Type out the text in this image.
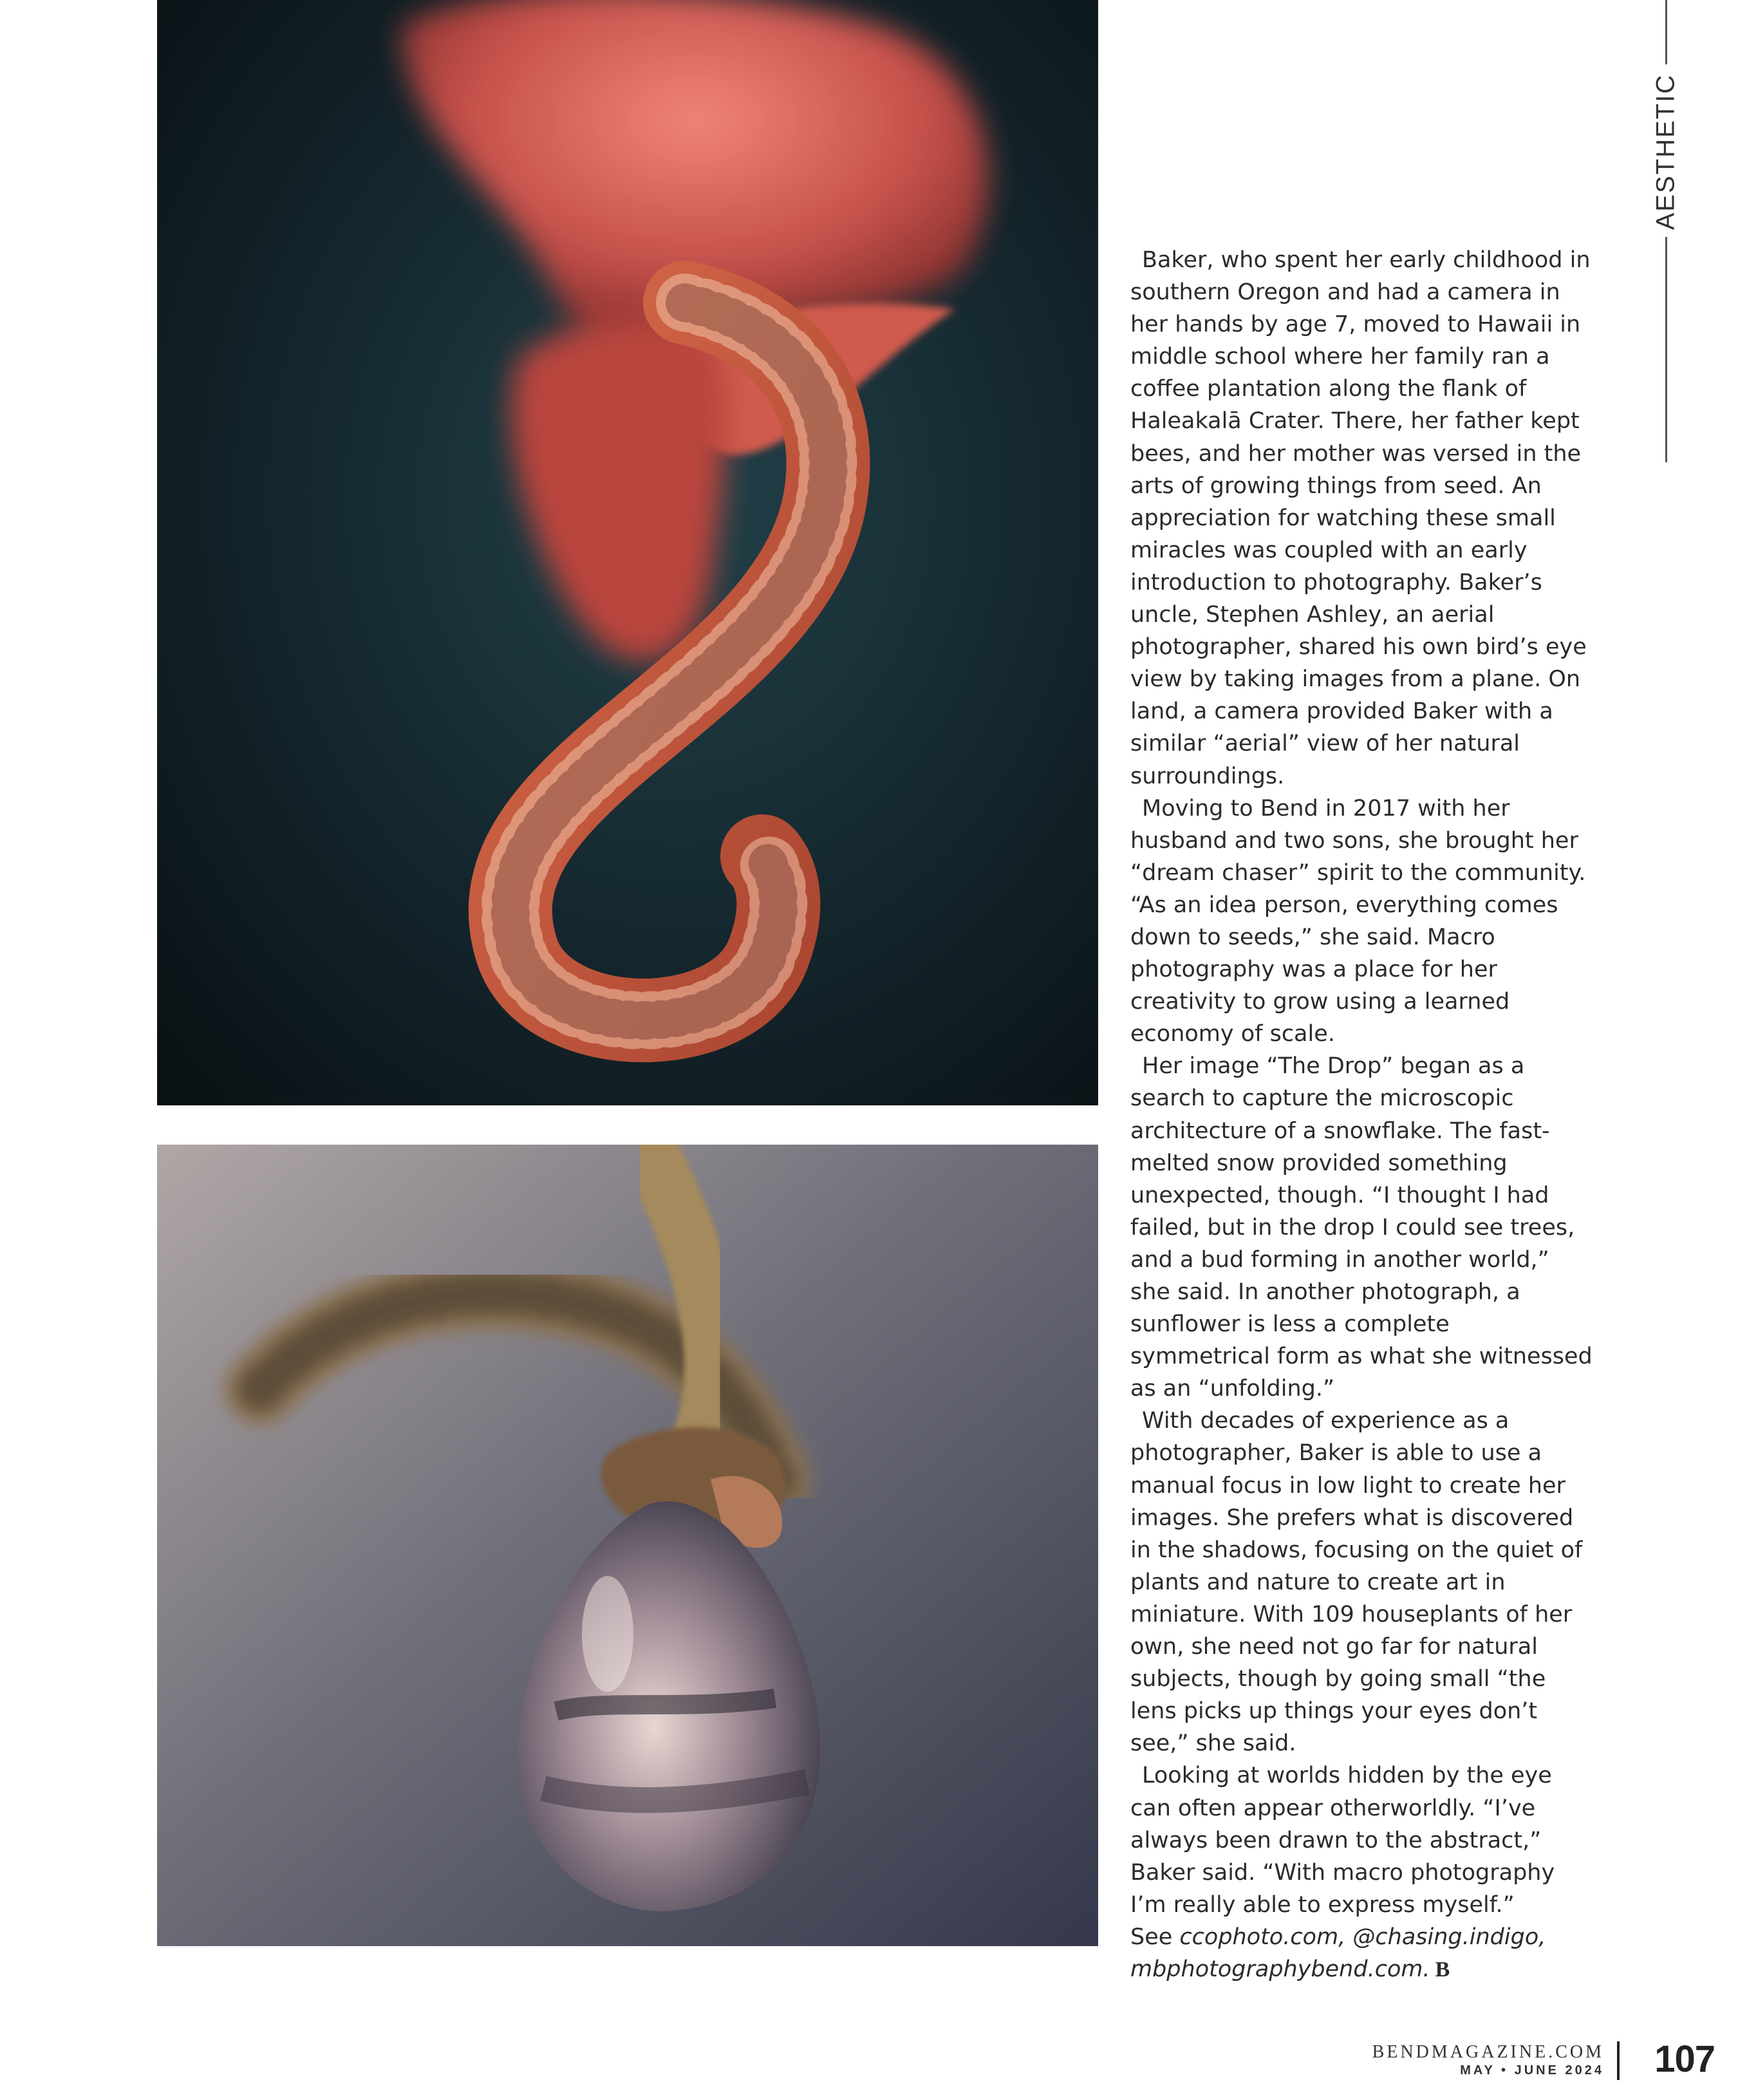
AESTHETIC

Baker, who spent her early childhood in southern Oregon and had a camera in her hands by age 7, moved to Hawaii in middle school where her family ran a coffee plantation along the flank of Haleakalā Crater. There, her father kept bees, and her mother was versed in the arts of growing things from seed. An appreciation for watching these small miracles was coupled with an early introduction to photography. Baker’s uncle, Stephen Ashley, an aerial photographer, shared his own bird’s eye view by taking images from a plane. On land, a camera provided Baker with a similar “aerial” view of her natural surroundings.

Moving to Bend in 2017 with her husband and two sons, she brought her “dream chaser” spirit to the community. “As an idea person, everything comes down to seeds,” she said. Macro photography was a place for her creativity to grow using a learned economy of scale.

Her image “The Drop” began as a search to capture the microscopic architecture of a snowflake. The fast-melted snow provided something unexpected, though. “I thought I had failed, but in the drop I could see trees, and a bud forming in another world,” she said. In another photograph, a sunflower is less a complete symmetrical form as what she witnessed as an “unfolding.”

With decades of experience as a photographer, Baker is able to use a manual focus in low light to create her images. She prefers what is discovered in the shadows, focusing on the quiet of plants and nature to create art in miniature. With 109 houseplants of her own, she need not go far for natural subjects, though by going small “the lens picks up things your eyes don’t see,” she said.

Looking at worlds hidden by the eye can often appear otherworldly. “I’ve always been drawn to the abstract,” Baker said. “With macro photography I’m really able to express myself.”

See ccophoto.com, @chasing.indigo, mbphotographybend.com. B

BENDMAGAZINE.COM
MAY • JUNE 2024 107
